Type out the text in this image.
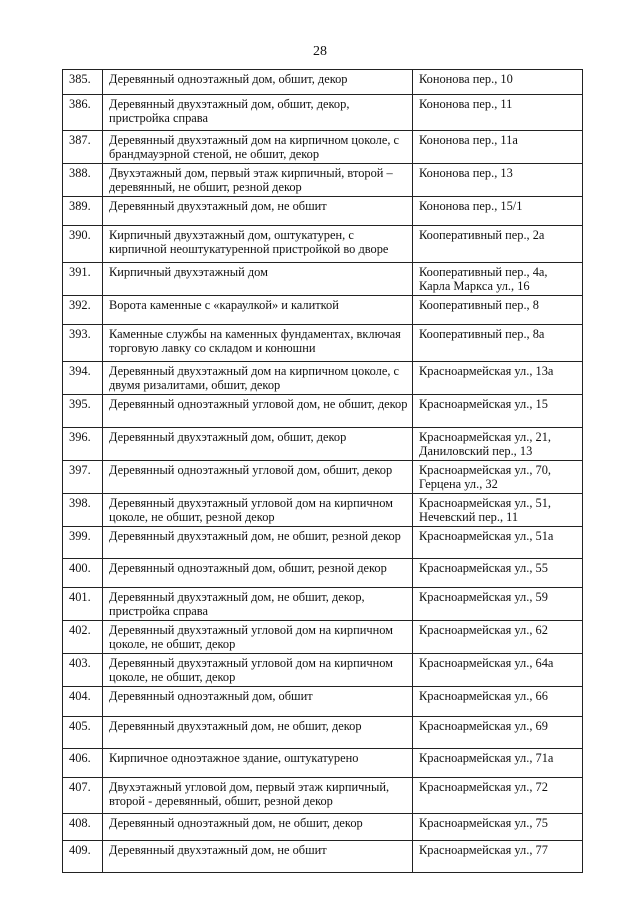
28
385.	Деревянный одноэтажный дом, обшит, декор	Кононова пер., 10
386.	Деревянный двухэтажный дом, обшит, декор, пристройка справа	Кононова пер., 11
387.	Деревянный двухэтажный дом на кирпичном цоколе, с брандмауэрной стеной, не обшит, декор	Кононова пер., 11а
388.	Двухэтажный дом, первый этаж кирпичный, второй – деревянный, не обшит, резной декор	Кононова пер., 13
389.	Деревянный двухэтажный дом, не обшит	Кононова пер., 15/1
390.	Кирпичный двухэтажный дом, оштукатурен, с кирпичной неоштукатуренной пристройкой во дворе	Кооперативный пер., 2а
391.	Кирпичный двухэтажный дом	Кооперативный пер., 4а, Карла Маркса ул., 16
392.	Ворота каменные с «караулкой» и калиткой	Кооперативный пер., 8
393.	Каменные службы на каменных фундаментах, включая торговую лавку со складом и конюшни	Кооперативный пер., 8а
394.	Деревянный двухэтажный дом на кирпичном цоколе, с двумя ризалитами, обшит, декор	Красноармейская ул., 13а
395.	Деревянный одноэтажный угловой дом, не обшит, декор	Красноармейская ул., 15
396.	Деревянный двухэтажный дом, обшит, декор	Красноармейская ул., 21, Даниловский пер., 13
397.	Деревянный одноэтажный угловой дом, обшит, декор	Красноармейская ул., 70, Герцена ул., 32
398.	Деревянный двухэтажный угловой дом на кирпичном цоколе, не обшит, резной декор	Красноармейская ул., 51, Нечевский пер., 11
399.	Деревянный двухэтажный дом, не обшит, резной декор	Красноармейская ул., 51а
400.	Деревянный одноэтажный дом, обшит, резной декор	Красноармейская ул., 55
401.	Деревянный двухэтажный дом, не обшит, декор, пристройка справа	Красноармейская ул., 59
402.	Деревянный двухэтажный угловой дом на кирпичном цоколе, не обшит, декор	Красноармейская ул., 62
403.	Деревянный двухэтажный угловой дом на кирпичном цоколе, не обшит, декор	Красноармейская ул., 64а
404.	Деревянный одноэтажный дом, обшит	Красноармейская ул., 66
405.	Деревянный двухэтажный дом, не обшит, декор	Красноармейская ул., 69
406.	Кирпичное одноэтажное здание, оштукатурено	Красноармейская ул., 71а
407.	Двухэтажный угловой дом, первый этаж кирпичный, второй - деревянный, обшит, резной декор	Красноармейская ул., 72
408.	Деревянный одноэтажный дом, не обшит, декор	Красноармейская ул., 75
409.	Деревянный двухэтажный дом, не обшит	Красноармейская ул., 77
